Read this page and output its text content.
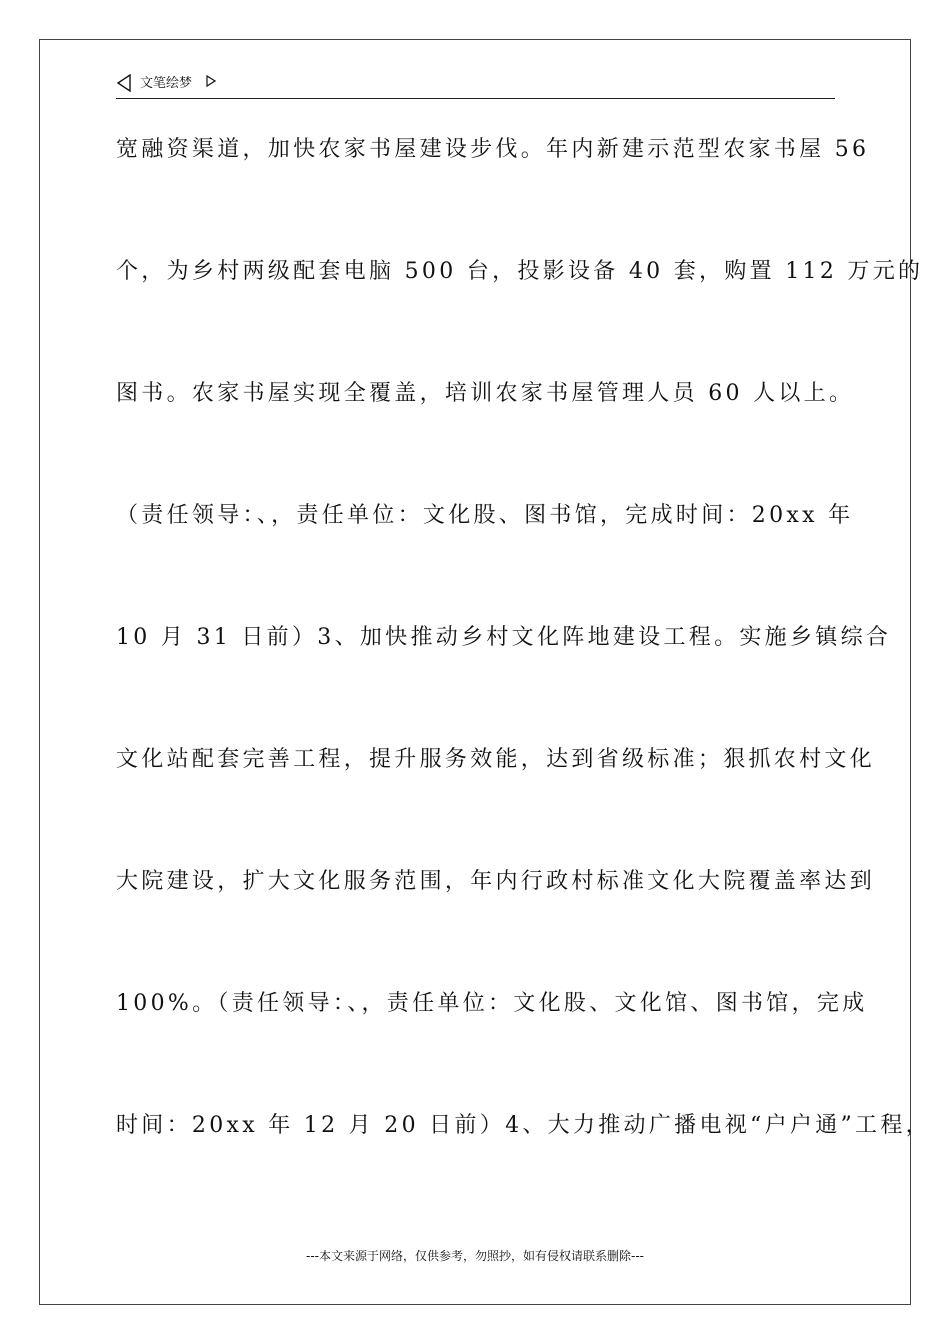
文笔绘梦
宽融资渠道，加快农家书屋建设步伐。年内新建示范型农家书屋 56
个，为乡村两级配套电脑 500 台，投影设备 40 套，购置 112 万元的
图书。农家书屋实现全覆盖，培训农家书屋管理人员 60 人以上。
（责任领导：、，责任单位：文化股、图书馆，完成时间：20xx 年
10 月 31 日前）3、加快推动乡村文化阵地建设工程。实施乡镇综合
文化站配套完善工程，提升服务效能，达到省级标准；狠抓农村文化
大院建设，扩大文化服务范围，年内行政村标准文化大院覆盖率达到
100%。（责任领导：、，责任单位：文化股、文化馆、图书馆，完成
时间：20xx 年 12 月 20 日前）4、大力推动广播电视“户户通”工程，
---本文来源于网络，仅供参考，勿照抄，如有侵权请联系删除---
